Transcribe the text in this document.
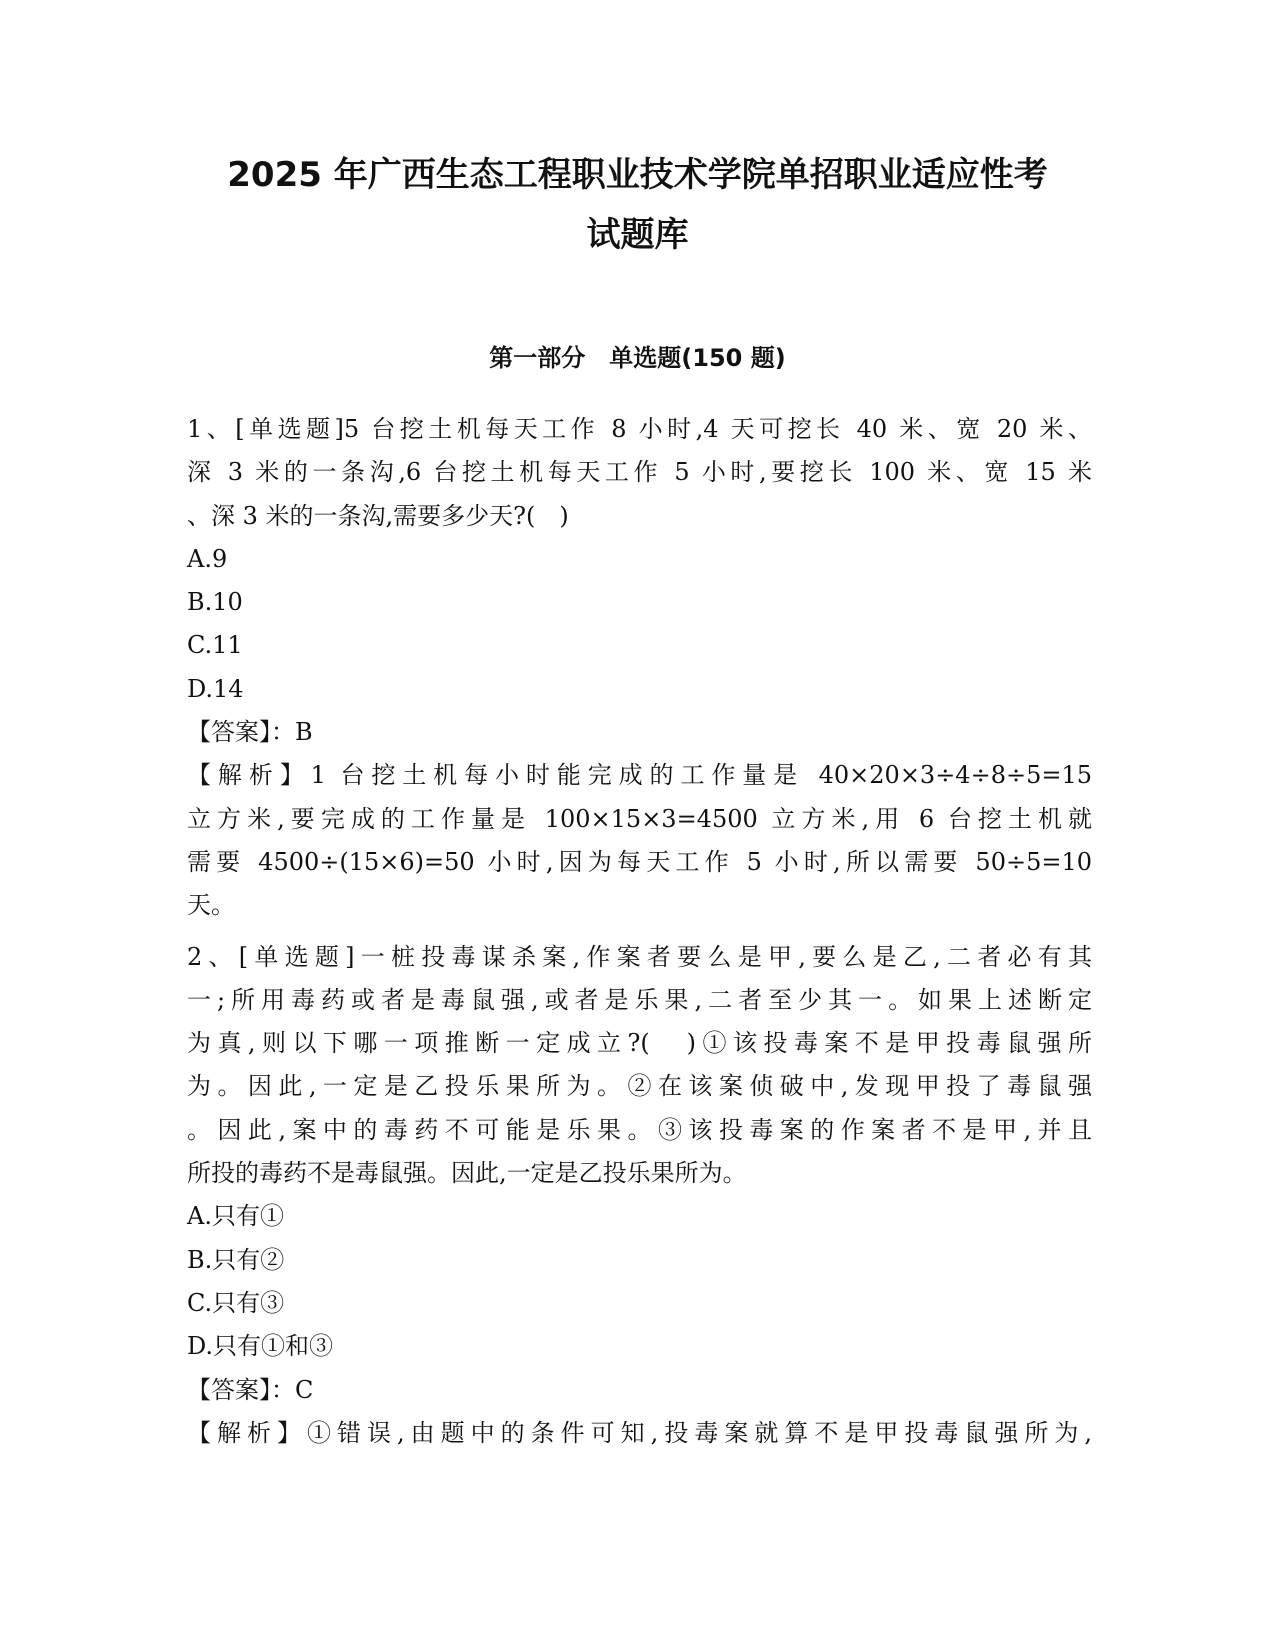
2025 年广西生态工程职业技术学院单招职业适应性考
试题库
第一部分　单选题(150 题)
1、[单选题]5 台挖土机每天工作 8 小时,4 天可挖长 40 米、宽 20 米、
深 3 米的一条沟,6 台挖土机每天工作 5 小时,要挖长 100 米、宽 15 米
、深 3 米的一条沟,需要多少天?(　)
A.9
B.10
C.11
D.14
【答案】：B
【解析】1 台挖土机每小时能完成的工作量是 40×20×3÷4÷8÷5=15
立方米,要完成的工作量是 100×15×3=4500 立方米,用 6 台挖土机就
需要 4500÷(15×6)=50 小时,因为每天工作 5 小时,所以需要 50÷5=10
天。
2、[单选题]一桩投毒谋杀案,作案者要么是甲,要么是乙,二者必有其
一;所用毒药或者是毒鼠强,或者是乐果,二者至少其一。如果上述断定
为真,则以下哪一项推断一定成立?(　)①该投毒案不是甲投毒鼠强所
为。因此,一定是乙投乐果所为。②在该案侦破中,发现甲投了毒鼠强
。因此,案中的毒药不可能是乐果。③该投毒案的作案者不是甲,并且
所投的毒药不是毒鼠强。因此,一定是乙投乐果所为。
A.只有①
B.只有②
C.只有③
D.只有①和③
【答案】：C
【解析】①错误,由题中的条件可知,投毒案就算不是甲投毒鼠强所为,
